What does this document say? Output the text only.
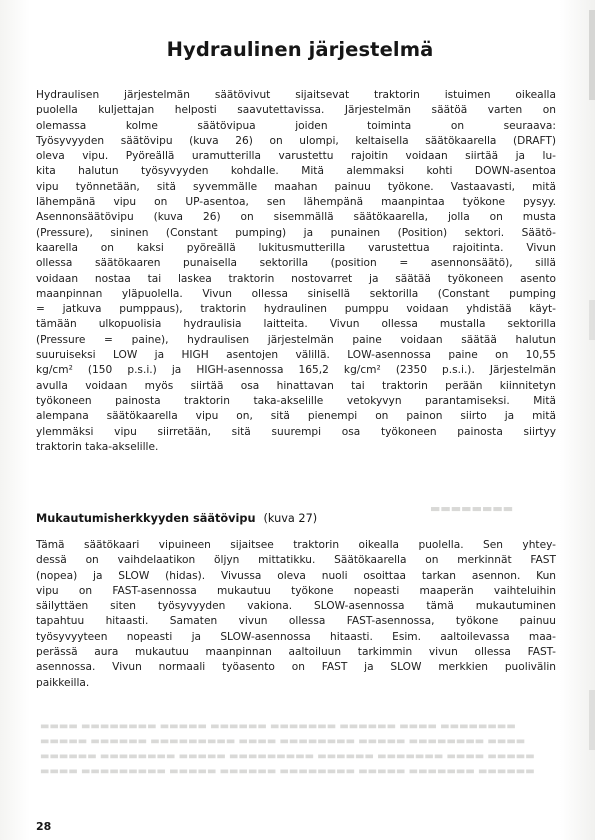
▬▬▬▬▬▬▬▬
▬▬▬▬ ▬▬▬▬▬▬▬▬ ▬▬▬▬▬ ▬▬▬▬▬▬ ▬▬▬▬▬▬▬ ▬▬▬▬▬▬ ▬▬▬▬ ▬▬▬▬▬▬▬▬
▬▬▬▬▬ ▬▬▬▬▬▬ ▬▬▬▬▬▬▬▬▬ ▬▬▬▬ ▬▬▬▬▬▬▬▬ ▬▬▬▬▬ ▬▬▬▬▬▬▬▬ ▬▬▬▬
▬▬▬▬▬▬ ▬▬▬▬▬▬▬▬ ▬▬▬▬▬ ▬▬▬▬▬▬▬▬▬ ▬▬▬▬▬▬ ▬▬▬▬▬▬▬ ▬▬▬▬ ▬▬▬▬▬
▬▬▬▬ ▬▬▬▬▬▬▬▬▬ ▬▬▬▬▬ ▬▬▬▬▬▬ ▬▬▬▬▬▬▬▬ ▬▬▬▬▬ ▬▬▬▬▬▬▬ ▬▬▬▬▬▬
Hydraulinen järjestelmä
Hydraulisen järjestelmän säätövivut sijaitsevat traktorin istuimen oikealla
puolella kuljettajan helposti saavutettavissa. Järjestelmän säätöä varten on
olemassa kolme säätövipua joiden toiminta on seuraava:
Työsyvyyden säätövipu (kuva 26) on ulompi, keltaisella säätökaarella (DRAFT)
oleva vipu. Pyöreällä uramutterilla varustettu rajoitin voidaan siirtää ja lu-
kita halutun työsyvyyden kohdalle. Mitä alemmaksi kohti DOWN-asentoa
vipu työnnetään, sitä syvemmälle maahan painuu työkone. Vastaavasti, mitä
lähempänä vipu on UP-asentoa, sen lähempänä maanpintaa työkone pysyy.
Asennonsäätövipu (kuva 26) on sisemmällä säätökaarella, jolla on musta
(Pressure), sininen (Constant pumping) ja punainen (Position) sektori. Säätö-
kaarella on kaksi pyöreällä lukitusmutterilla varustettua rajoitinta. Vivun
ollessa säätökaaren punaisella sektorilla (position = asennonsäätö), sillä
voidaan nostaa tai laskea traktorin nostovarret ja säätää työkoneen asento
maanpinnan yläpuolella. Vivun ollessa sinisellä sektorilla (Constant pumping
= jatkuva pumppaus), traktorin hydraulinen pumppu voidaan yhdistää käyt-
tämään ulkopuolisia hydraulisia laitteita. Vivun ollessa mustalla sektorilla
(Pressure = paine), hydraulisen järjestelmän paine voidaan säätää halutun
suuruiseksi LOW ja HIGH asentojen välillä. LOW-asennossa paine on 10,55
kg/cm² (150 p.s.i.) ja HIGH-asennossa 165,2 kg/cm² (2350 p.s.i.). Järjestelmän
avulla voidaan myös siirtää osa hinattavan tai traktorin perään kiinnitetyn
työkoneen painosta traktorin taka-akselille vetokyvyn parantamiseksi. Mitä
alempana säätökaarella vipu on, sitä pienempi on painon siirto ja mitä
ylemmäksi vipu siirretään, sitä suurempi osa työkoneen painosta siirtyy
traktorin taka-akselille.
Mukautumisherkkyyden säätövipu (kuva 27)
Tämä säätökaari vipuineen sijaitsee traktorin oikealla puolella. Sen yhtey-
dessä on vaihdelaatikon öljyn mittatikku. Säätökaarella on merkinnät FAST
(nopea) ja SLOW (hidas). Vivussa oleva nuoli osoittaa tarkan asennon. Kun
vipu on FAST-asennossa mukautuu työkone nopeasti maaperän vaihteluihin
säilyttäen siten työsyvyyden vakiona. SLOW-asennossa tämä mukautuminen
tapahtuu hitaasti. Samaten vivun ollessa FAST-asennossa, työkone painuu
työsyvyyteen nopeasti ja SLOW-asennossa hitaasti. Esim. aaltoilevassa maa-
perässä aura mukautuu maanpinnan aaltoiluun tarkimmin vivun ollessa FAST-
asennossa. Vivun normaali työasento on FAST ja SLOW merkkien puolivälin
paikkeilla.
28
